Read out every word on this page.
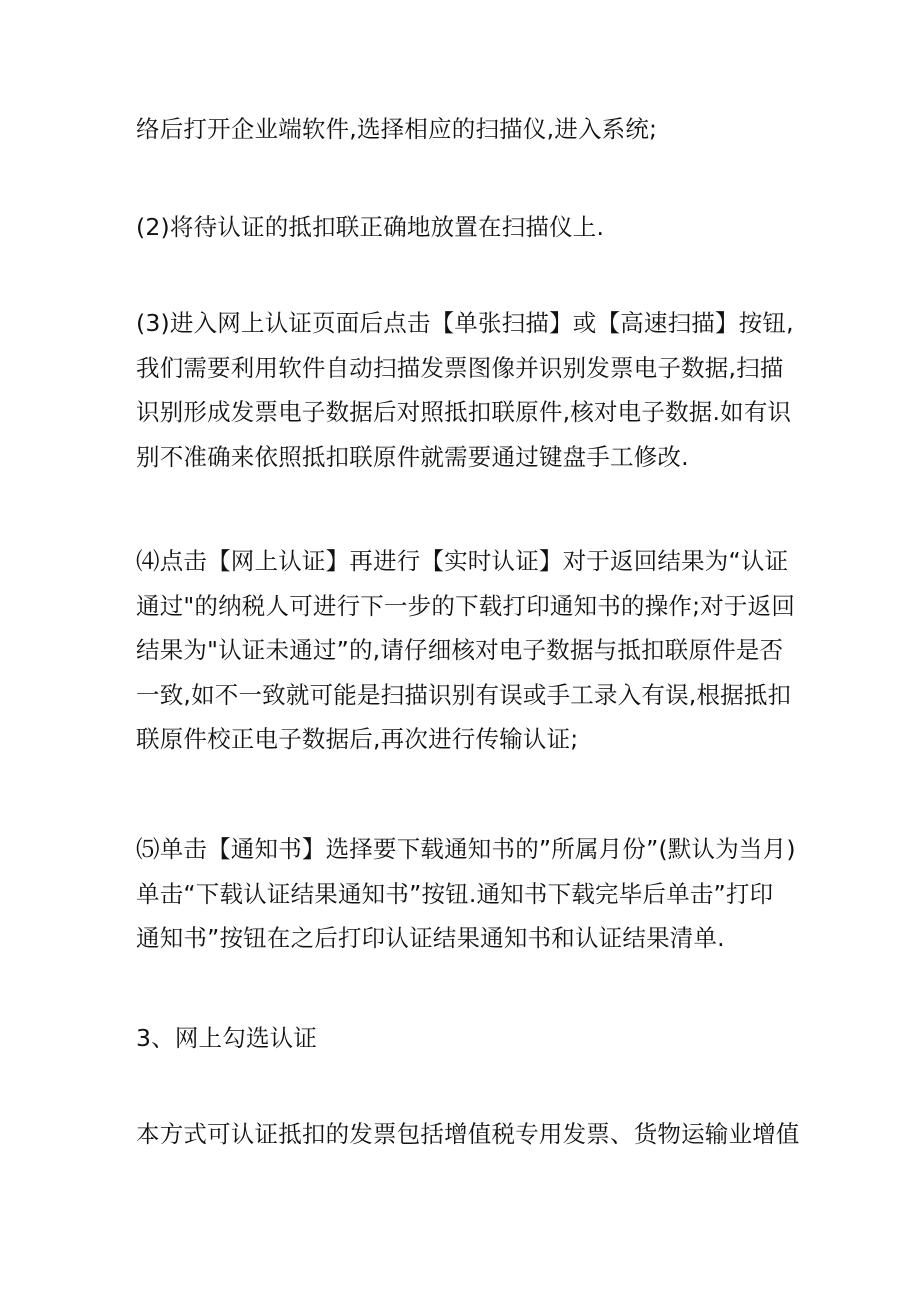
络后打开企业端软件,选择相应的扫描仪,进入系统;

(2)将待认证的抵扣联正确地放置在扫描仪上.

(3)进入网上认证页面后点击【单张扫描】或【高速扫描】按钮,
我们需要利用软件自动扫描发票图像并识别发票电子数据,扫描
识别形成发票电子数据后对照抵扣联原件,核对电子数据.如有识
别不准确来依照抵扣联原件就需要通过键盘手工修改.

⑷点击【网上认证】再进行【实时认证】对于返回结果为“认证
通过"的纳税人可进行下一步的下载打印通知书的操作;对于返回
结果为"认证未通过”的,请仔细核对电子数据与抵扣联原件是否
一致,如不一致就可能是扫描识别有误或手工录入有误,根据抵扣
联原件校正电子数据后,再次进行传输认证;

⑸单击【通知书】选择要下载通知书的”所属月份”(默认为当月)
单击“下载认证结果通知书”按钮.通知书下载完毕后单击”打印
通知书”按钮在之后打印认证结果通知书和认证结果清单.

3、网上勾选认证

本方式可认证抵扣的发票包括增值税专用发票、货物运输业增值
